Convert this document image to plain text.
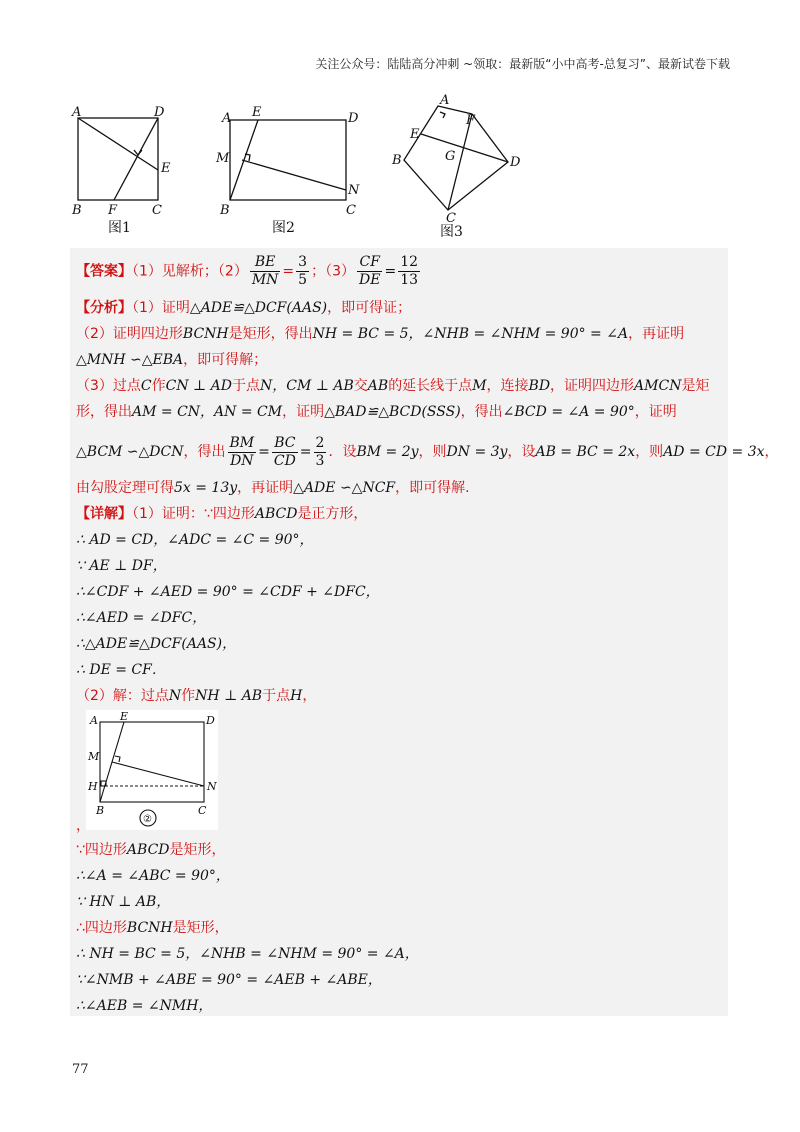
关注公众号：陆陆高分冲刺 ~领取：最新版“小中高考-总复习”、最新试卷下载
A	D
E
B F	C
图1
A E	D
M
N
B	C
图2
A
F
E
G	D
B
C
图3
【答案】（1）见解析；$(2) \frac{BE}{MN} = \frac{3}{5}$ ；$(3) \frac{CF}{DE} = \frac{12}{13}$
【分析】（1）证明△ADE≌△DCF(AAS)，即可得证；
（2）证明四边形BCNH是矩形，得出NH = BC = 5，∠NHB = ∠NHM = 90° = ∠A，再证明
△MNH ∽△EBA，即可得解；
（3）过点C作CN ⊥ AD于点N，CM ⊥ AB交AB的延长线于点M，连接BD，证明四边形AMCN是矩
形，得出AM = CN，AN = CM，证明△BAD≌△BCD(SSS)，得出∠BCD = ∠A = 90°，证明
△BCM ∽△DCN，得出 $\frac{BM}{DN} = \frac{BC}{CD} = \frac{2}{3}$ ．设BM = 2y，则DN = 3y，设AB = BC = 2x，则AD = CD = 3x，
由勾股定理可得5x = 13y，再证明△ADE ∽△NCF，即可得解.
【详解】（1）证明：∵四边形ABCD是正方形，
∴ AD = CD，∠ADC = ∠C = 90°，
∵ AE ⊥ DF，
∴∠CDF + ∠AED = 90° = ∠CDF + ∠DFC，
∴∠AED = ∠DFC，
∴△ADE≌△DCF(AAS)，
∴ DE = CF．
（2）解：过点N作NH ⊥ AB于点H，
A E	D
M
H	N
B	C
②
，
∵四边形ABCD是矩形，
∴∠A = ∠ABC = 90°，
∵ HN ⊥ AB，
∴四边形BCNH是矩形，
∴ NH = BC = 5，∠NHB = ∠NHM = 90° = ∠A，
∵∠NMB + ∠ABE = 90° = ∠AEB + ∠ABE，
∴∠AEB = ∠NMH，
77
